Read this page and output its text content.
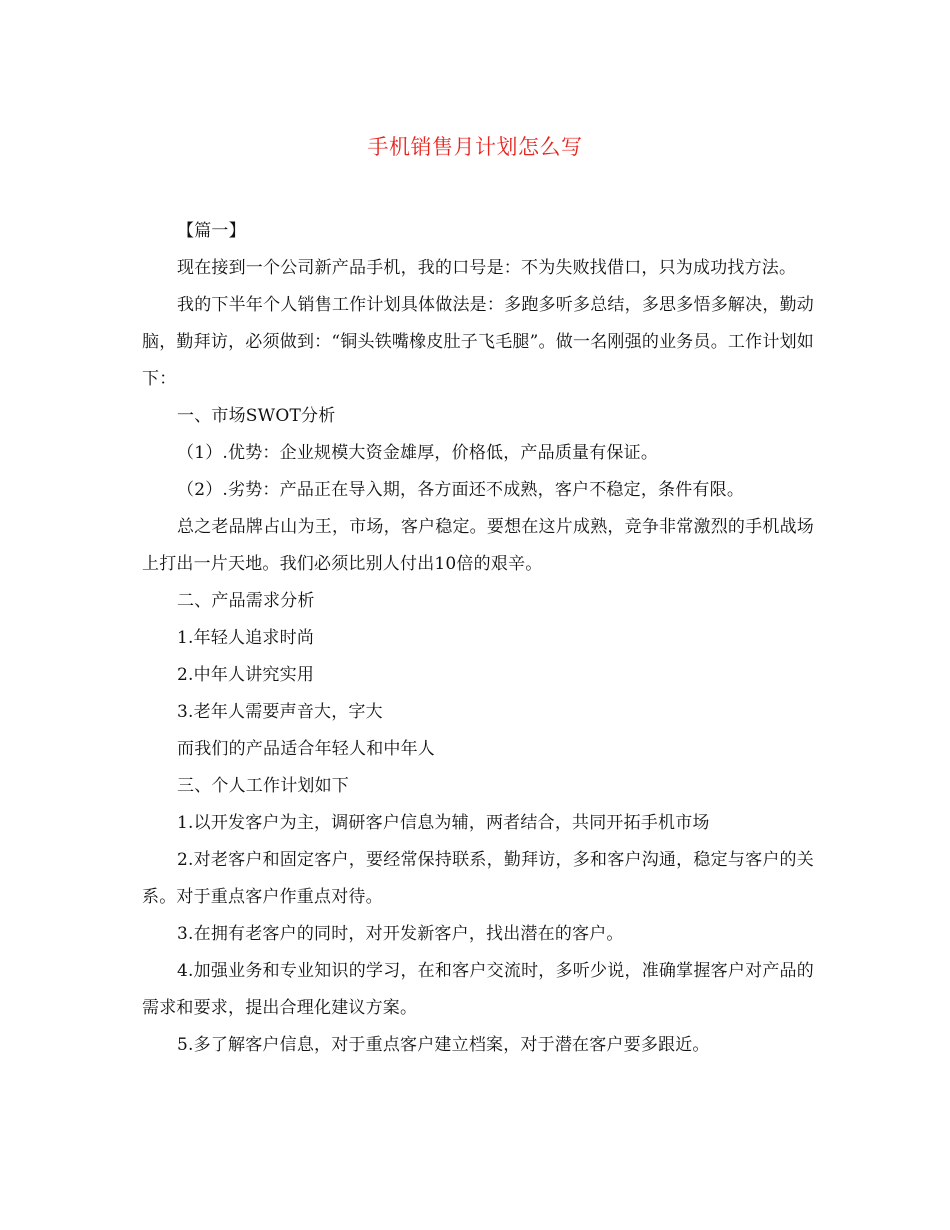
手机销售月计划怎么写

【篇一】

现在接到一个公司新产品手机，我的口号是：不为失败找借口，只为成功找方法。

我的下半年个人销售工作计划具体做法是：多跑多听多总结，多思多悟多解决，勤动脑，勤拜访，必须做到：“铜头铁嘴橡皮肚子飞毛腿”。做一名刚强的业务员。工作计划如下：

一、市场SWOT分析

（1）.优势：企业规模大资金雄厚，价格低，产品质量有保证。

（2）.劣势：产品正在导入期，各方面还不成熟，客户不稳定，条件有限。

总之老品牌占山为王，市场，客户稳定。要想在这片成熟，竞争非常激烈的手机战场上打出一片天地。我们必须比别人付出10倍的艰辛。

二、产品需求分析

1.年轻人追求时尚

2.中年人讲究实用

3.老年人需要声音大，字大

而我们的产品适合年轻人和中年人

三、个人工作计划如下

1.以开发客户为主，调研客户信息为辅，两者结合，共同开拓手机市场

2.对老客户和固定客户，要经常保持联系，勤拜访，多和客户沟通，稳定与客户的关系。对于重点客户作重点对待。

3.在拥有老客户的同时，对开发新客户，找出潜在的客户。

4.加强业务和专业知识的学习，在和客户交流时，多听少说，准确掌握客户对产品的需求和要求，提出合理化建议方案。

5.多了解客户信息，对于重点客户建立档案，对于潜在客户要多跟近。
